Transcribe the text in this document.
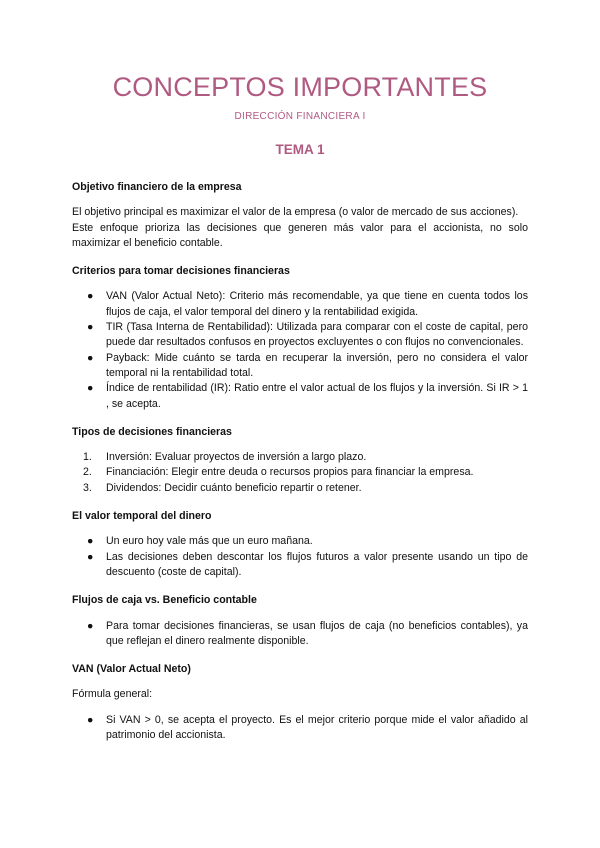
CONCEPTOS IMPORTANTES
DIRECCIÓN FINANCIERA I
TEMA 1
Objetivo financiero de la empresa

El objetivo principal es maximizar el valor de la empresa (o valor de mercado de sus acciones).

Este enfoque prioriza las decisiones que generen más valor para el accionista, no solo maximizar el beneficio contable.

Criterios para tomar decisiones financieras
● VAN (Valor Actual Neto): Criterio más recomendable, ya que tiene en cuenta todos los flujos de caja, el valor temporal del dinero y la rentabilidad exigida.
● TIR (Tasa Interna de Rentabilidad): Utilizada para comparar con el coste de capital, pero puede dar resultados confusos en proyectos excluyentes o con flujos no convencionales.
● Payback: Mide cuánto se tarda en recuperar la inversión, pero no considera el valor temporal ni la rentabilidad total.
● Índice de rentabilidad (IR): Ratio entre el valor actual de los flujos y la inversión. Si IR > 1 , se acepta.
Tipos de decisiones financieras
1. Inversión: Evaluar proyectos de inversión a largo plazo.
2. Financiación: Elegir entre deuda o recursos propios para financiar la empresa.
3. Dividendos: Decidir cuánto beneficio repartir o retener.
El valor temporal del dinero
● Un euro hoy vale más que un euro mañana.
● Las decisiones deben descontar los flujos futuros a valor presente usando un tipo de descuento (coste de capital).
Flujos de caja vs. Beneficio contable
● Para tomar decisiones financieras, se usan flujos de caja (no beneficios contables), ya que reflejan el dinero realmente disponible.
VAN (Valor Actual Neto)

Fórmula general:

● Si VAN > 0, se acepta el proyecto. Es el mejor criterio porque mide el valor añadido al patrimonio del accionista.
